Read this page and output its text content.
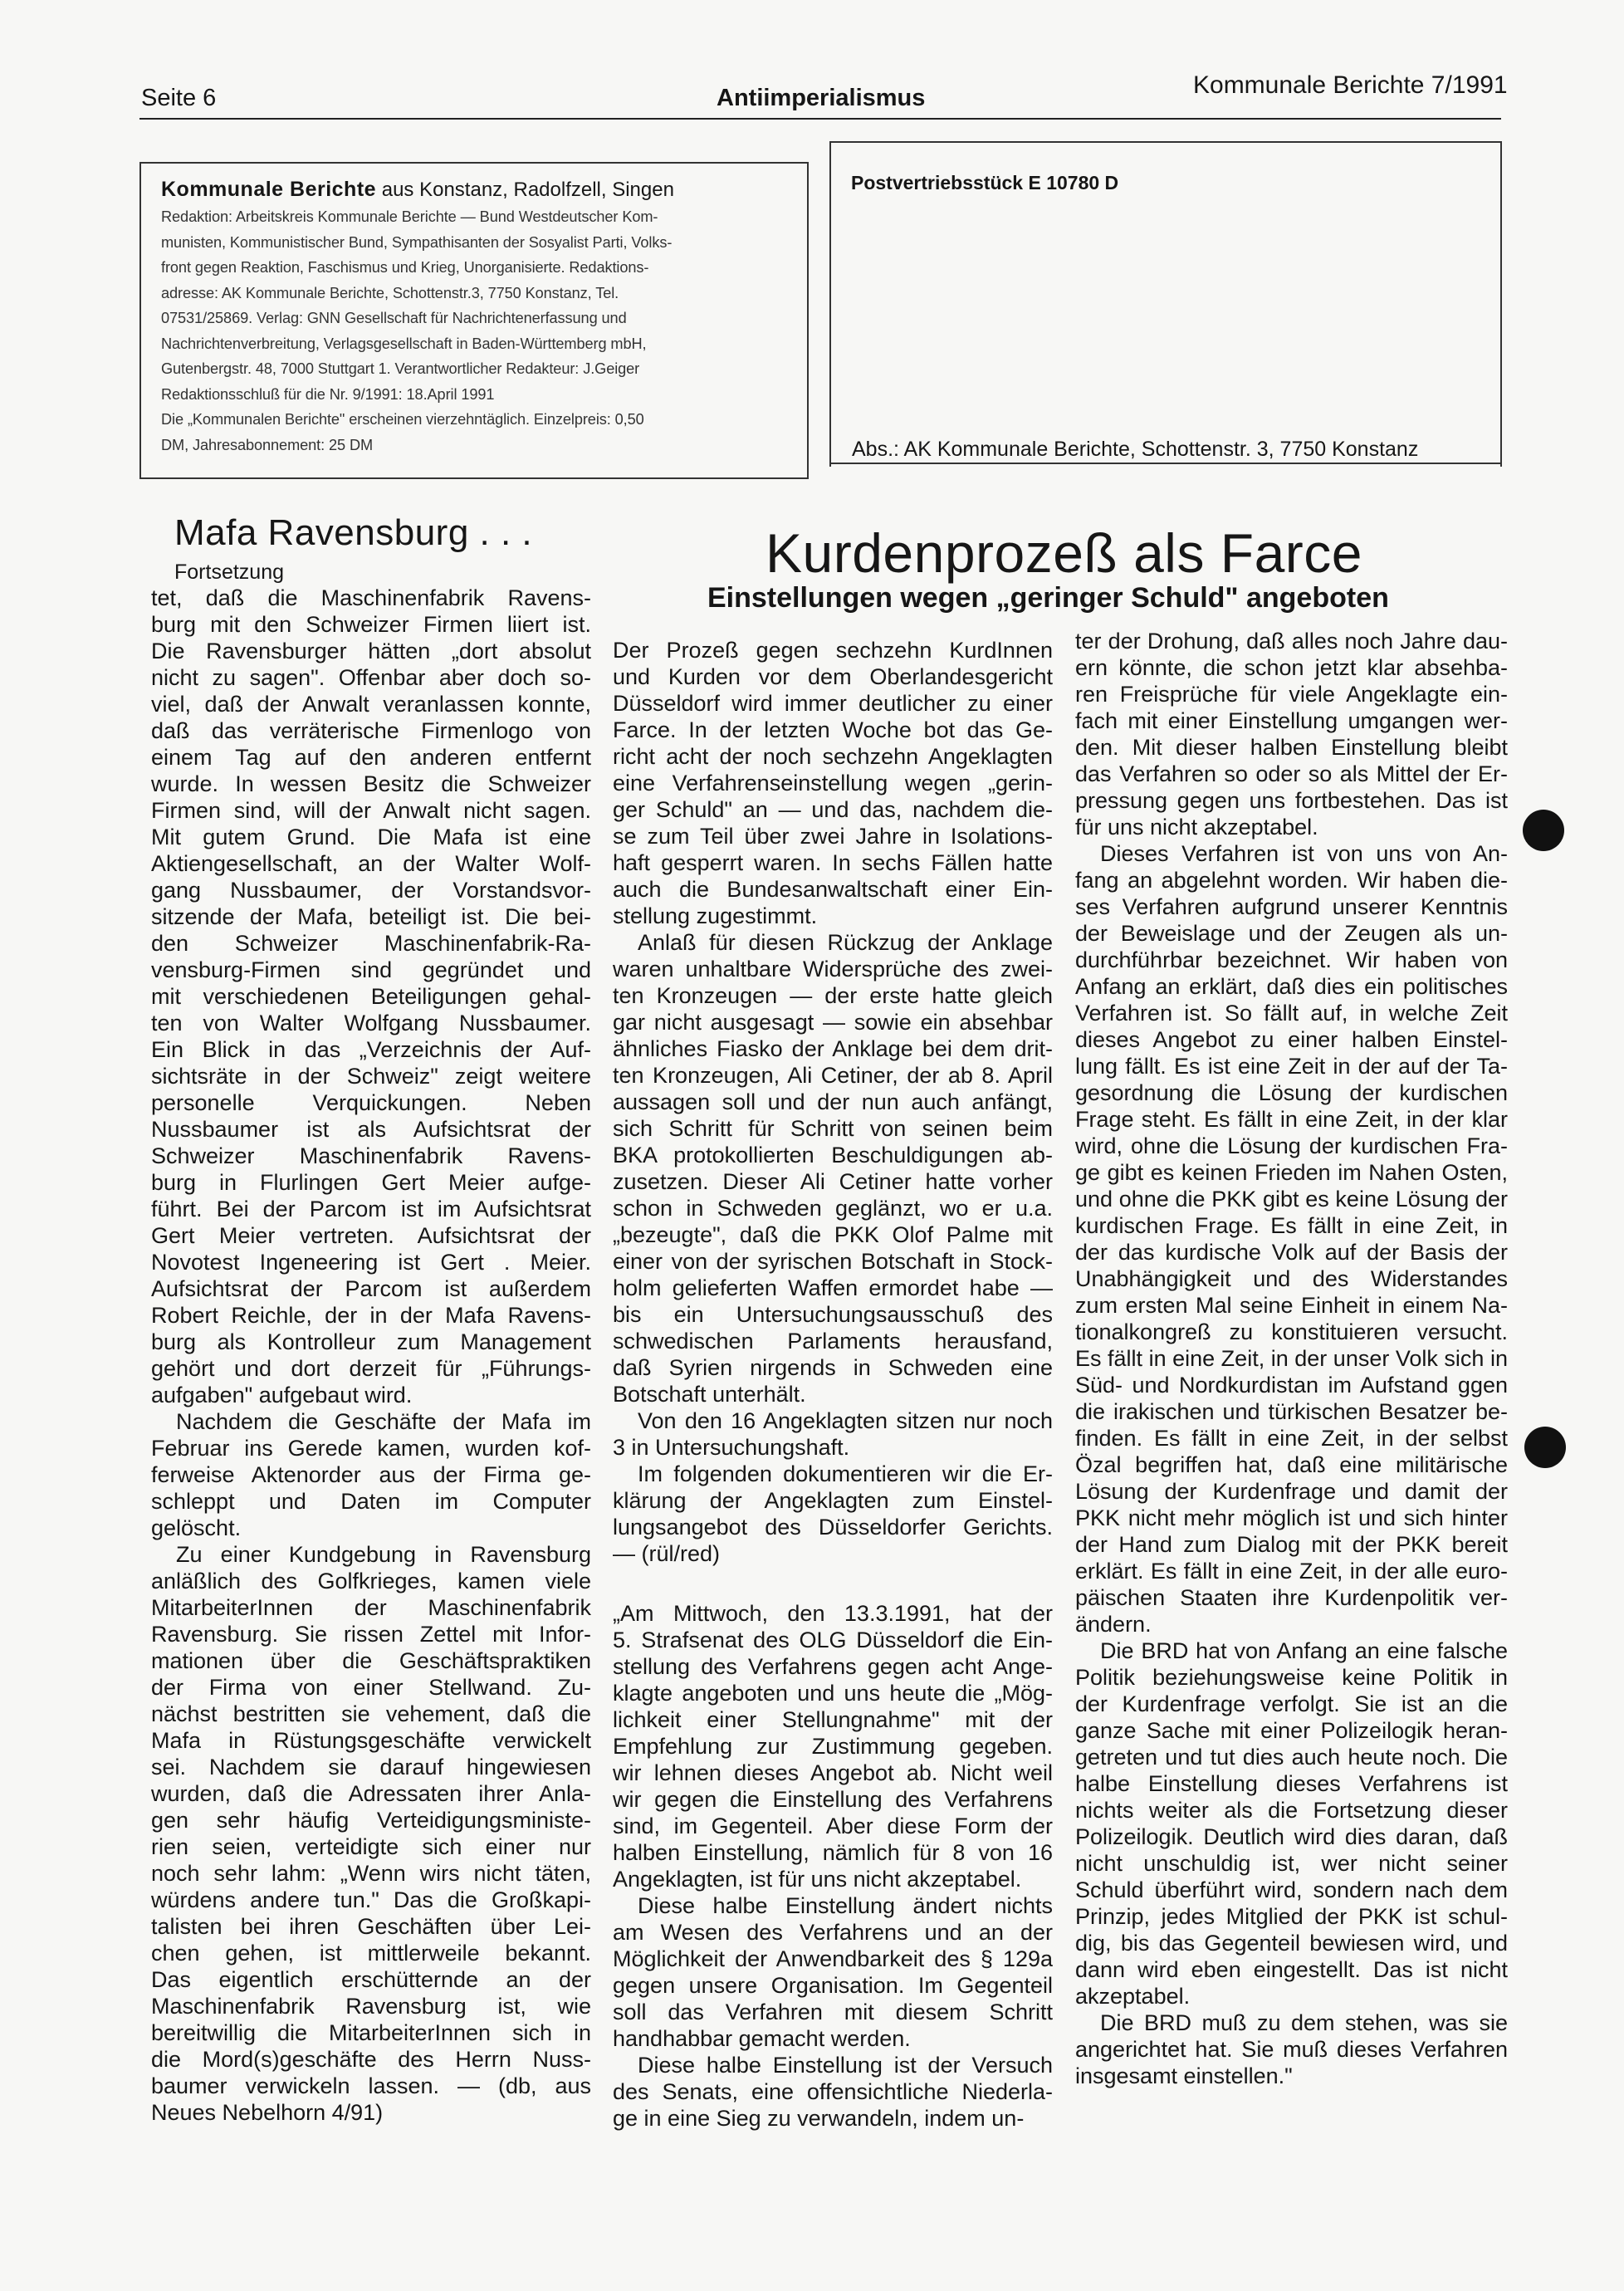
Seite 6	Antiimperialismus	Kommunale Berichte 7/1991
Kommunale Berichte aus Konstanz, Radolfzell, Singen
Redaktion: Arbeitskreis Kommunale Berichte — Bund Westdeutscher Kom-
munisten, Kommunistischer Bund, Sympathisanten der Sosyalist Parti, Volks-
front gegen Reaktion, Faschismus und Krieg, Unorganisierte. Redaktions-
adresse: AK Kommunale Berichte, Schottenstr.3, 7750 Konstanz, Tel.
07531/25869. Verlag: GNN Gesellschaft für Nachrichtenerfassung und
Nachrichtenverbreitung, Verlagsgesellschaft in Baden-Württemberg mbH,
Gutenbergstr. 48, 7000 Stuttgart 1. Verantwortlicher Redakteur: J.Geiger
Redaktionsschluß für die Nr. 9/1991: 18.April 1991
Die „Kommunalen Berichte" erscheinen vierzehntäglich. Einzelpreis: 0,50
DM, Jahresabonnement: 25 DM
Postvertriebsstück E 10780 D
Abs.: AK Kommunale Berichte, Schottenstr. 3, 7750 Konstanz
Mafa Ravensburg . . .
Fortsetzung
tet, daß die Maschinenfabrik Ravens-
burg mit den Schweizer Firmen liiert ist.
Die Ravensburger hätten „dort absolut
nicht zu sagen". Offenbar aber doch so-
viel, daß der Anwalt veranlassen konnte,
daß das verräterische Firmenlogo von
einem Tag auf den anderen entfernt
wurde. In wessen Besitz die Schweizer
Firmen sind, will der Anwalt nicht sagen.
Mit gutem Grund. Die Mafa ist eine
Aktiengesellschaft, an der Walter Wolf-
gang Nussbaumer, der Vorstandsvor-
sitzende der Mafa, beteiligt ist. Die bei-
den Schweizer Maschinenfabrik-Ra-
vensburg-Firmen sind gegründet und
mit verschiedenen Beteiligungen gehal-
ten von Walter Wolfgang Nussbaumer.
Ein Blick in das „Verzeichnis der Auf-
sichtsräte in der Schweiz" zeigt weitere
personelle Verquickungen. Neben
Nussbaumer ist als Aufsichtsrat der
Schweizer Maschinenfabrik Ravens-
burg in Flurlingen Gert Meier aufge-
führt. Bei der Parcom ist im Aufsichtsrat
Gert Meier vertreten. Aufsichtsrat der
Novotest Ingeneering ist Gert . Meier.
Aufsichtsrat der Parcom ist außerdem
Robert Reichle, der in der Mafa Ravens-
burg als Kontrolleur zum Management
gehört und dort derzeit für „Führungs-
aufgaben" aufgebaut wird.
Nachdem die Geschäfte der Mafa im
Februar ins Gerede kamen, wurden kof-
ferweise Aktenorder aus der Firma ge-
schleppt und Daten im Computer
gelöscht.
Zu einer Kundgebung in Ravensburg
anläßlich des Golfkrieges, kamen viele
MitarbeiterInnen der Maschinenfabrik
Ravensburg. Sie rissen Zettel mit Infor-
mationen über die Geschäftspraktiken
der Firma von einer Stellwand. Zu-
nächst bestritten sie vehement, daß die
Mafa in Rüstungsgeschäfte verwickelt
sei. Nachdem sie darauf hingewiesen
wurden, daß die Adressaten ihrer Anla-
gen sehr häufig Verteidigungsministe-
rien seien, verteidigte sich einer nur
noch sehr lahm: „Wenn wirs nicht täten,
würdens andere tun." Das die Großkapi-
talisten bei ihren Geschäften über Lei-
chen gehen, ist mittlerweile bekannt.
Das eigentlich erschütternde an der
Maschinenfabrik Ravensburg ist, wie
bereitwillig die MitarbeiterInnen sich in
die Mord(s)geschäfte des Herrn Nuss-
baumer verwickeln lassen. — (db, aus
Neues Nebelhorn 4/91)
Kurdenprozeß als Farce
Einstellungen wegen „geringer Schuld" angeboten
Der Prozeß gegen sechzehn KurdInnen
und Kurden vor dem Oberlandesgericht
Düsseldorf wird immer deutlicher zu einer
Farce. In der letzten Woche bot das Ge-
richt acht der noch sechzehn Angeklagten
eine Verfahrenseinstellung wegen „gerin-
ger Schuld" an — und das, nachdem die-
se zum Teil über zwei Jahre in Isolations-
haft gesperrt waren. In sechs Fällen hatte
auch die Bundesanwaltschaft einer Ein-
stellung zugestimmt.
Anlaß für diesen Rückzug der Anklage
waren unhaltbare Widersprüche des zwei-
ten Kronzeugen — der erste hatte gleich
gar nicht ausgesagt — sowie ein absehbar
ähnliches Fiasko der Anklage bei dem drit-
ten Kronzeugen, Ali Cetiner, der ab 8. April
aussagen soll und der nun auch anfängt,
sich Schritt für Schritt von seinen beim
BKA protokollierten Beschuldigungen ab-
zusetzen. Dieser Ali Cetiner hatte vorher
schon in Schweden geglänzt, wo er u.a.
„bezeugte", daß die PKK Olof Palme mit
einer von der syrischen Botschaft in Stock-
holm gelieferten Waffen ermordet habe —
bis ein Untersuchungsausschuß des
schwedischen Parlaments herausfand,
daß Syrien nirgends in Schweden eine
Botschaft unterhält.
Von den 16 Angeklagten sitzen nur noch
3 in Untersuchungshaft.
Im folgenden dokumentieren wir die Er-
klärung der Angeklagten zum Einstel-
lungsangebot des Düsseldorfer Gerichts.
— (rül/red)
„Am Mittwoch, den 13.3.1991, hat der
5. Strafsenat des OLG Düsseldorf die Ein-
stellung des Verfahrens gegen acht Ange-
klagte angeboten und uns heute die „Mög-
lichkeit einer Stellungnahme" mit der
Empfehlung zur Zustimmung gegeben.
wir lehnen dieses Angebot ab. Nicht weil
wir gegen die Einstellung des Verfahrens
sind, im Gegenteil. Aber diese Form der
halben Einstellung, nämlich für 8 von 16
Angeklagten, ist für uns nicht akzeptabel.
Diese halbe Einstellung ändert nichts
am Wesen des Verfahrens und an der
Möglichkeit der Anwendbarkeit des § 129a
gegen unsere Organisation. Im Gegenteil
soll das Verfahren mit diesem Schritt
handhabbar gemacht werden.
Diese halbe Einstellung ist der Versuch
des Senats, eine offensichtliche Niederla-
ge in eine Sieg zu verwandeln, indem un-
ter der Drohung, daß alles noch Jahre dau-
ern könnte, die schon jetzt klar absehba-
ren Freisprüche für viele Angeklagte ein-
fach mit einer Einstellung umgangen wer-
den. Mit dieser halben Einstellung bleibt
das Verfahren so oder so als Mittel der Er-
pressung gegen uns fortbestehen. Das ist
für uns nicht akzeptabel.
Dieses Verfahren ist von uns von An-
fang an abgelehnt worden. Wir haben die-
ses Verfahren aufgrund unserer Kenntnis
der Beweislage und der Zeugen als un-
durchführbar bezeichnet. Wir haben von
Anfang an erklärt, daß dies ein politisches
Verfahren ist. So fällt auf, in welche Zeit
dieses Angebot zu einer halben Einstel-
lung fällt. Es ist eine Zeit in der auf der Ta-
gesordnung die Lösung der kurdischen
Frage steht. Es fällt in eine Zeit, in der klar
wird, ohne die Lösung der kurdischen Fra-
ge gibt es keinen Frieden im Nahen Osten,
und ohne die PKK gibt es keine Lösung der
kurdischen Frage. Es fällt in eine Zeit, in
der das kurdische Volk auf der Basis der
Unabhängigkeit und des Widerstandes
zum ersten Mal seine Einheit in einem Na-
tionalkongreß zu konstituieren versucht.
Es fällt in eine Zeit, in der unser Volk sich in
Süd- und Nordkurdistan im Aufstand ggen
die irakischen und türkischen Besatzer be-
finden. Es fällt in eine Zeit, in der selbst
Özal begriffen hat, daß eine militärische
Lösung der Kurdenfrage und damit der
PKK nicht mehr möglich ist und sich hinter
der Hand zum Dialog mit der PKK bereit
erklärt. Es fällt in eine Zeit, in der alle euro-
päischen Staaten ihre Kurdenpolitik ver-
ändern.
Die BRD hat von Anfang an eine falsche
Politik beziehungsweise keine Politik in
der Kurdenfrage verfolgt. Sie ist an die
ganze Sache mit einer Polizeilogik heran-
getreten und tut dies auch heute noch. Die
halbe Einstellung dieses Verfahrens ist
nichts weiter als die Fortsetzung dieser
Polizeilogik. Deutlich wird dies daran, daß
nicht unschuldig ist, wer nicht seiner
Schuld überführt wird, sondern nach dem
Prinzip, jedes Mitglied der PKK ist schul-
dig, bis das Gegenteil bewiesen wird, und
dann wird eben eingestellt. Das ist nicht
akzeptabel.
Die BRD muß zu dem stehen, was sie
angerichtet hat. Sie muß dieses Verfahren
insgesamt einstellen."
